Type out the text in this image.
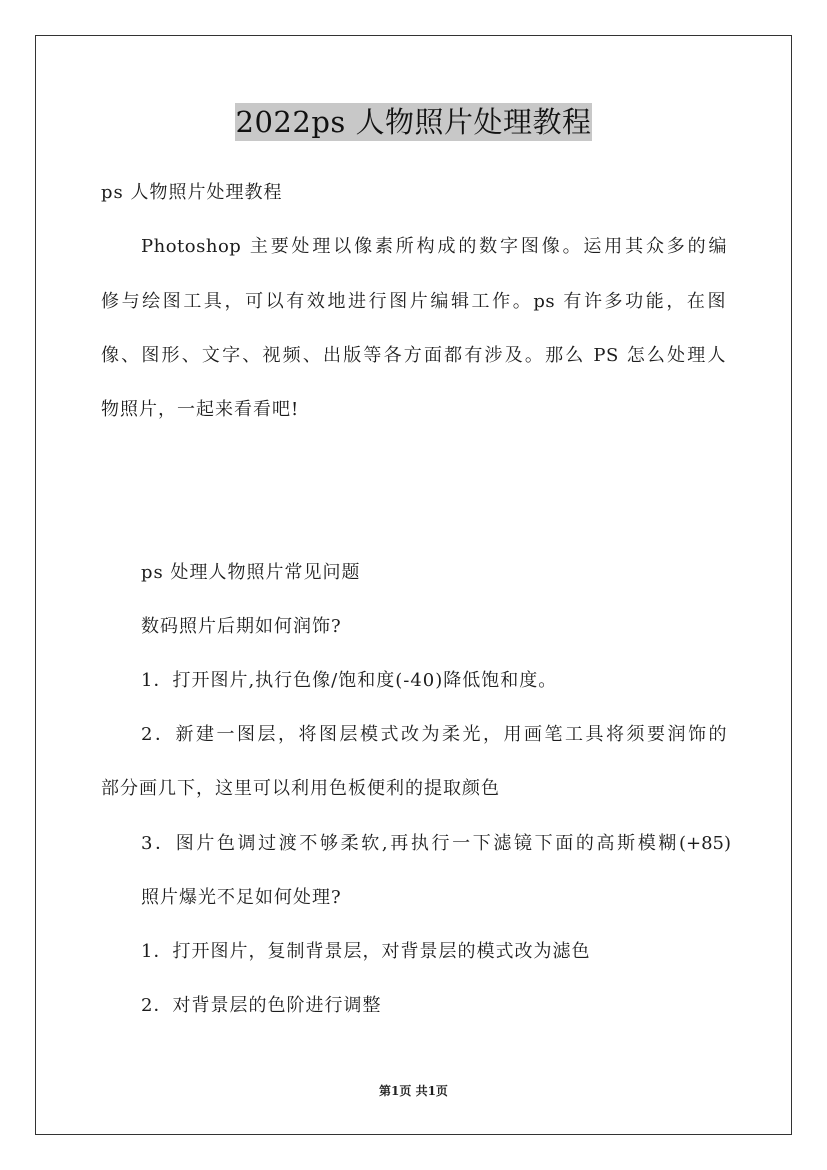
2022ps 人物照片处理教程
ps 人物照片处理教程
Photoshop 主要处理以像素所构成的数字图像。运用其众多的编
修与绘图工具，可以有效地进行图片编辑工作。ps 有许多功能，在图
像、图形、文字、视频、出版等各方面都有涉及。那么 PS 怎么处理人
物照片，一起来看看吧!
ps 处理人物照片常见问题
数码照片后期如何润饰?
1．打开图片,执行色像/饱和度(-40)降低饱和度。
2．新建一图层，将图层模式改为柔光，用画笔工具将须要润饰的
部分画几下，这里可以利用色板便利的提取颜色
3．图片色调过渡不够柔软,再执行一下滤镜下面的高斯模糊(+85)
照片爆光不足如何处理?
1．打开图片，复制背景层，对背景层的模式改为滤色
2．对背景层的色阶进行调整
第1页 共1页
